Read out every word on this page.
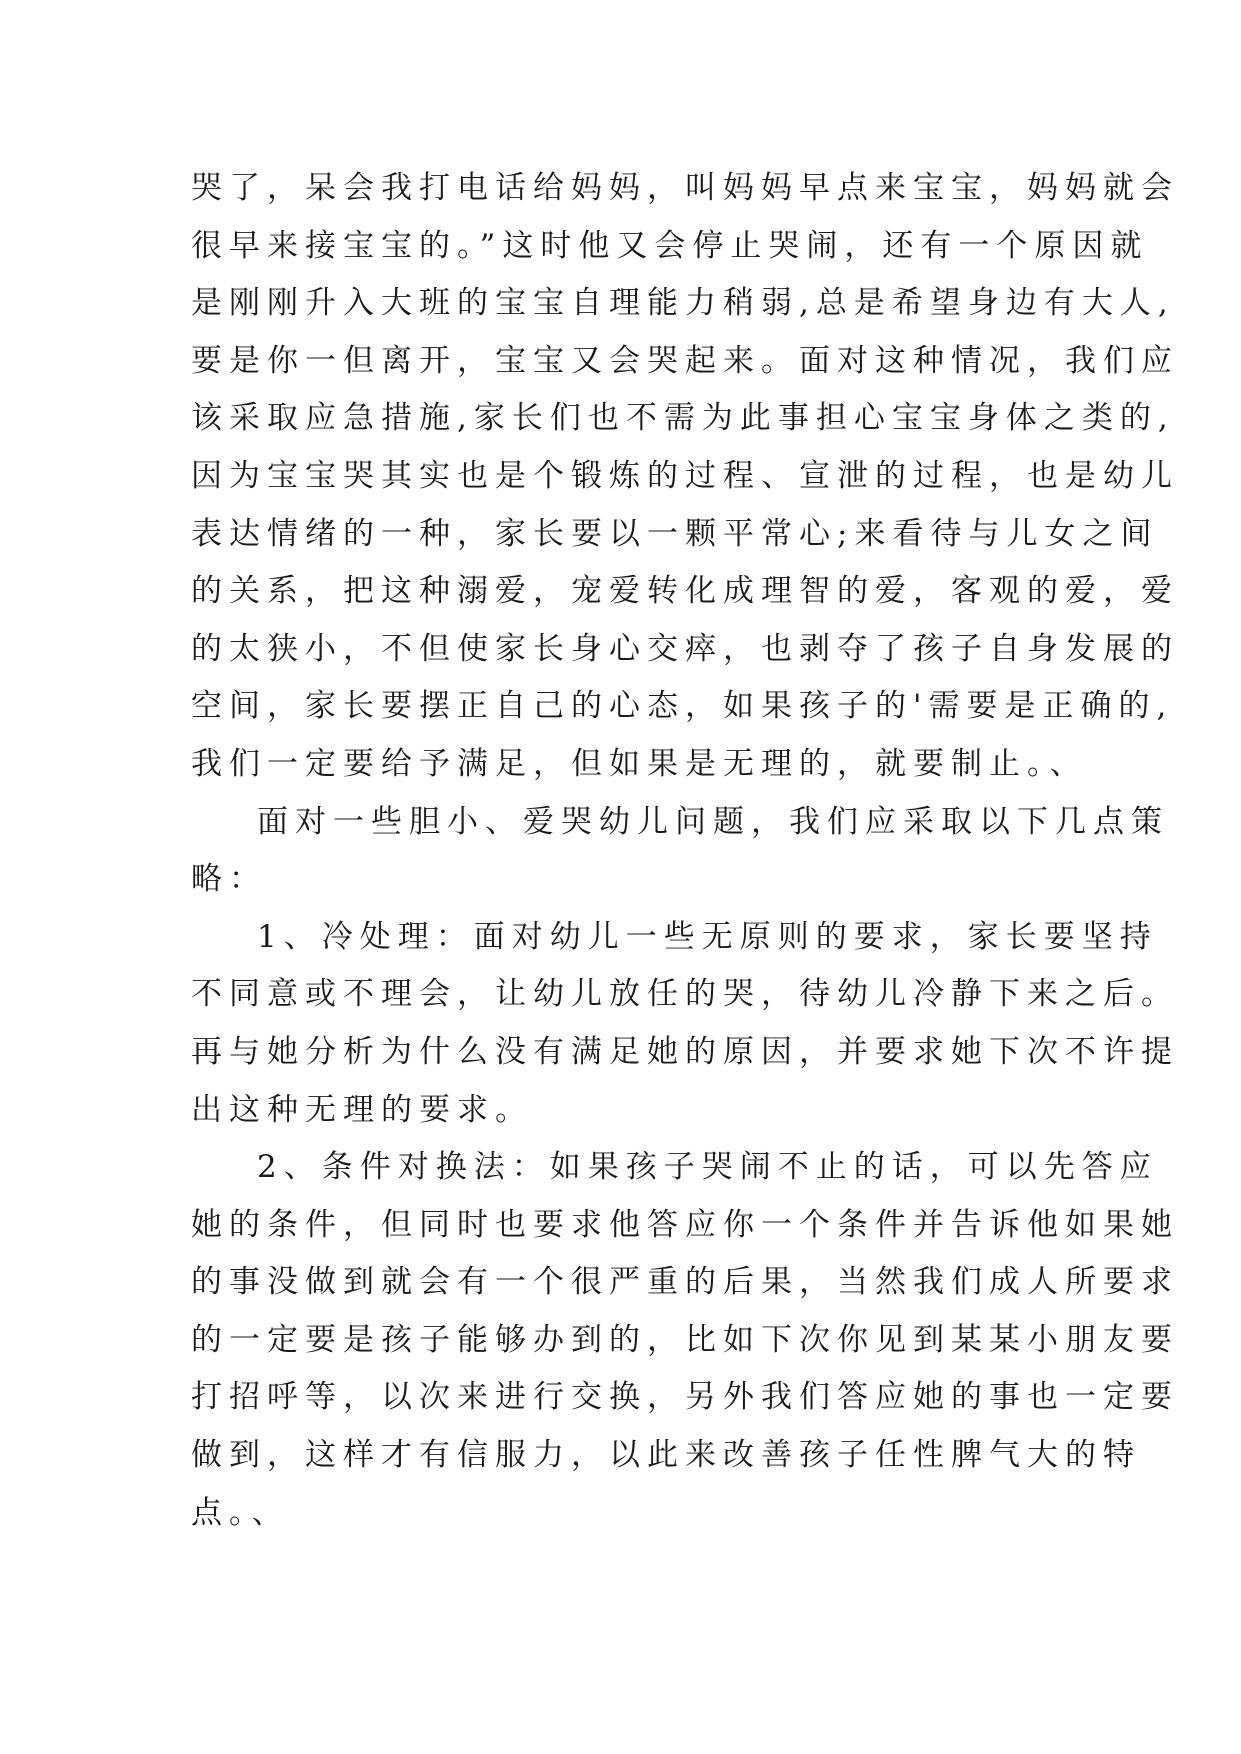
哭了，呆会我打电话给妈妈，叫妈妈早点来宝宝，妈妈就会
很早来接宝宝的。”这时他又会停止哭闹，还有一个原因就
是刚刚升入大班的宝宝自理能力稍弱,总是希望身边有大人,
要是你一但离开，宝宝又会哭起来。面对这种情况，我们应
该采取应急措施,家长们也不需为此事担心宝宝身体之类的,
因为宝宝哭其实也是个锻炼的过程、宣泄的过程，也是幼儿
表达情绪的一种，家长要以一颗平常心;来看待与儿女之间
的关系，把这种溺爱，宠爱转化成理智的爱，客观的爱，爱
的太狭小，不但使家长身心交瘁，也剥夺了孩子自身发展的
空间，家长要摆正自己的心态，如果孩子的'需要是正确的,
我们一定要给予满足，但如果是无理的，就要制止。、
面对一些胆小、爱哭幼儿问题，我们应采取以下几点策
略：
1、冷处理：面对幼儿一些无原则的要求，家长要坚持
不同意或不理会，让幼儿放任的哭，待幼儿冷静下来之后。
再与她分析为什么没有满足她的原因，并要求她下次不许提
出这种无理的要求。
2、条件对换法：如果孩子哭闹不止的话，可以先答应
她的条件，但同时也要求他答应你一个条件并告诉他如果她
的事没做到就会有一个很严重的后果，当然我们成人所要求
的一定要是孩子能够办到的，比如下次你见到某某小朋友要
打招呼等，以次来进行交换，另外我们答应她的事也一定要
做到，这样才有信服力，以此来改善孩子任性脾气大的特
点。、
